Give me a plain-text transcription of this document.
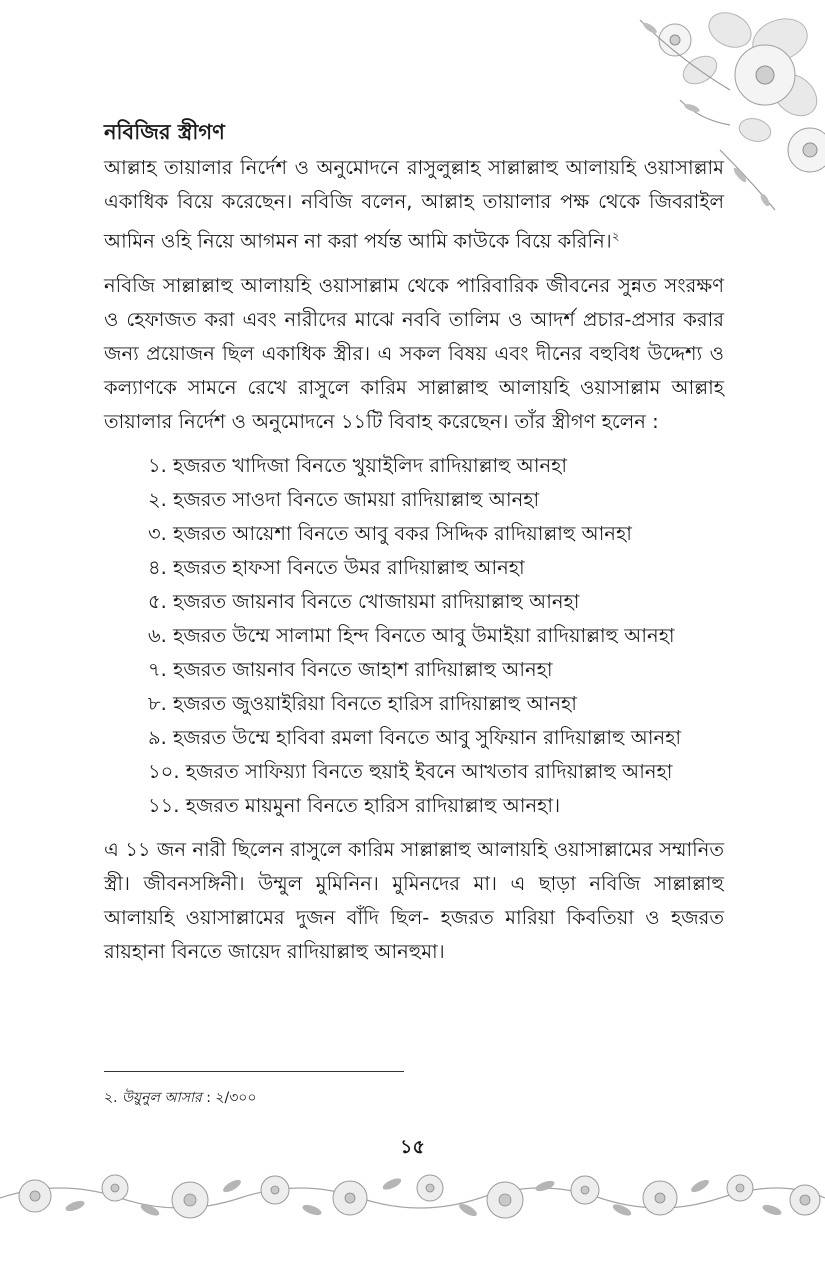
নবিজির স্ত্রীগণ

আল্লাহ তায়ালার নির্দেশ ও অনুমোদনে রাসুলুল্লাহ সাল্লাল্লাহু আলায়হি ওয়াসাল্লাম একাধিক বিয়ে করেছেন। নবিজি বলেন, আল্লাহ তায়ালার পক্ষ থেকে জিবরাইল আমিন ওহি নিয়ে আগমন না করা পর্যন্ত আমি কাউকে বিয়ে করিনি।$^২$

নবিজি সাল্লাল্লাহু আলায়হি ওয়াসাল্লাম থেকে পারিবারিক জীবনের সুন্নত সংরক্ষণ ও হেফাজত করা এবং নারীদের মাঝে নববি তালিম ও আদর্শ প্রচার-প্রসার করার জন্য প্রয়োজন ছিল একাধিক স্ত্রীর। এ সকল বিষয় এবং দীনের বহুবিধ উদ্দেশ্য ও কল্যাণকে সামনে রেখে রাসুলে কারিম সাল্লাল্লাহু আলায়হি ওয়াসাল্লাম আল্লাহ তায়ালার নির্দেশ ও অনুমোদনে ১১টি বিবাহ করেছেন। তাঁর স্ত্রীগণ হলেন :

১. হজরত খাদিজা বিনতে খুয়াইলিদ রাদিয়াল্লাহু আনহা
২. হজরত সাওদা বিনতে জাময়া রাদিয়াল্লাহু আনহা
৩. হজরত আয়েশা বিনতে আবু বকর সিদ্দিক রাদিয়াল্লাহু আনহা
৪. হজরত হাফসা বিনতে উমর রাদিয়াল্লাহু আনহা
৫. হজরত জায়নাব বিনতে খোজায়মা রাদিয়াল্লাহু আনহা
৬. হজরত উম্মে সালামা হিন্দ বিনতে আবু উমাইয়া রাদিয়াল্লাহু আনহা
৭. হজরত জায়নাব বিনতে জাহাশ রাদিয়াল্লাহু আনহা
৮. হজরত জুওয়াইরিয়া বিনতে হারিস রাদিয়াল্লাহু আনহা
৯. হজরত উম্মে হাবিবা রমলা বিনতে আবু সুফিয়ান রাদিয়াল্লাহু আনহা
১০. হজরত সাফিয়্যা বিনতে হুয়াই ইবনে আখতাব রাদিয়াল্লাহু আনহা
১১. হজরত মায়মুনা বিনতে হারিস রাদিয়াল্লাহু আনহা।

এ ১১ জন নারী ছিলেন রাসুলে কারিম সাল্লাল্লাহু আলায়হি ওয়াসাল্লামের সম্মানিত স্ত্রী। জীবনসঙ্গিনী। উম্মুল মুমিনিন। মুমিনদের মা। এ ছাড়া নবিজি সাল্লাল্লাহু আলায়হি ওয়াসাল্লামের দুজন বাঁদি ছিল- হজরত মারিয়া কিবতিয়া ও হজরত রায়হানা বিনতে জায়েদ রাদিয়াল্লাহু আনহুমা।

২. উয়ুনুল আসার : ২/৩০০
১৫
